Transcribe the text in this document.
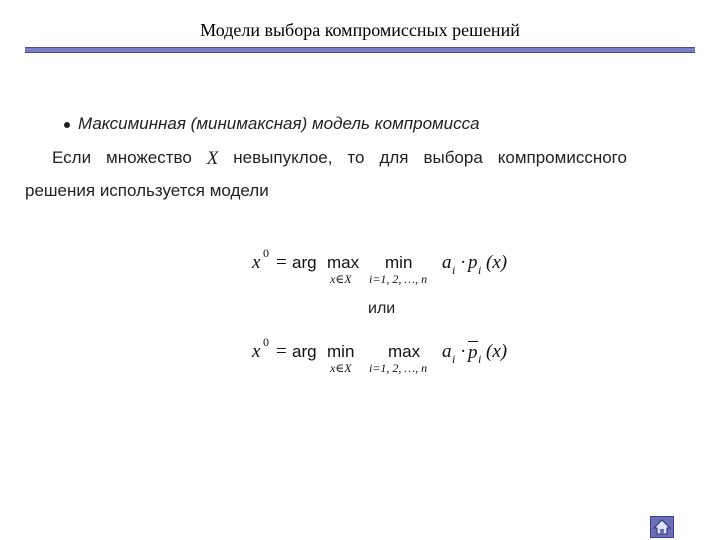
Модели выбора компромиссных решений
Максиминная (минимаксная) модель компромисса
Если множество X невыпуклое, то для выбора компромиссного
решения используется модели
x 0 = arg max
x∈X
min
i=1, 2, …, n
a i · p i (x)
или
x 0 = arg min
x∈X
max
i=1, 2, …, n
a i · p i (x)
